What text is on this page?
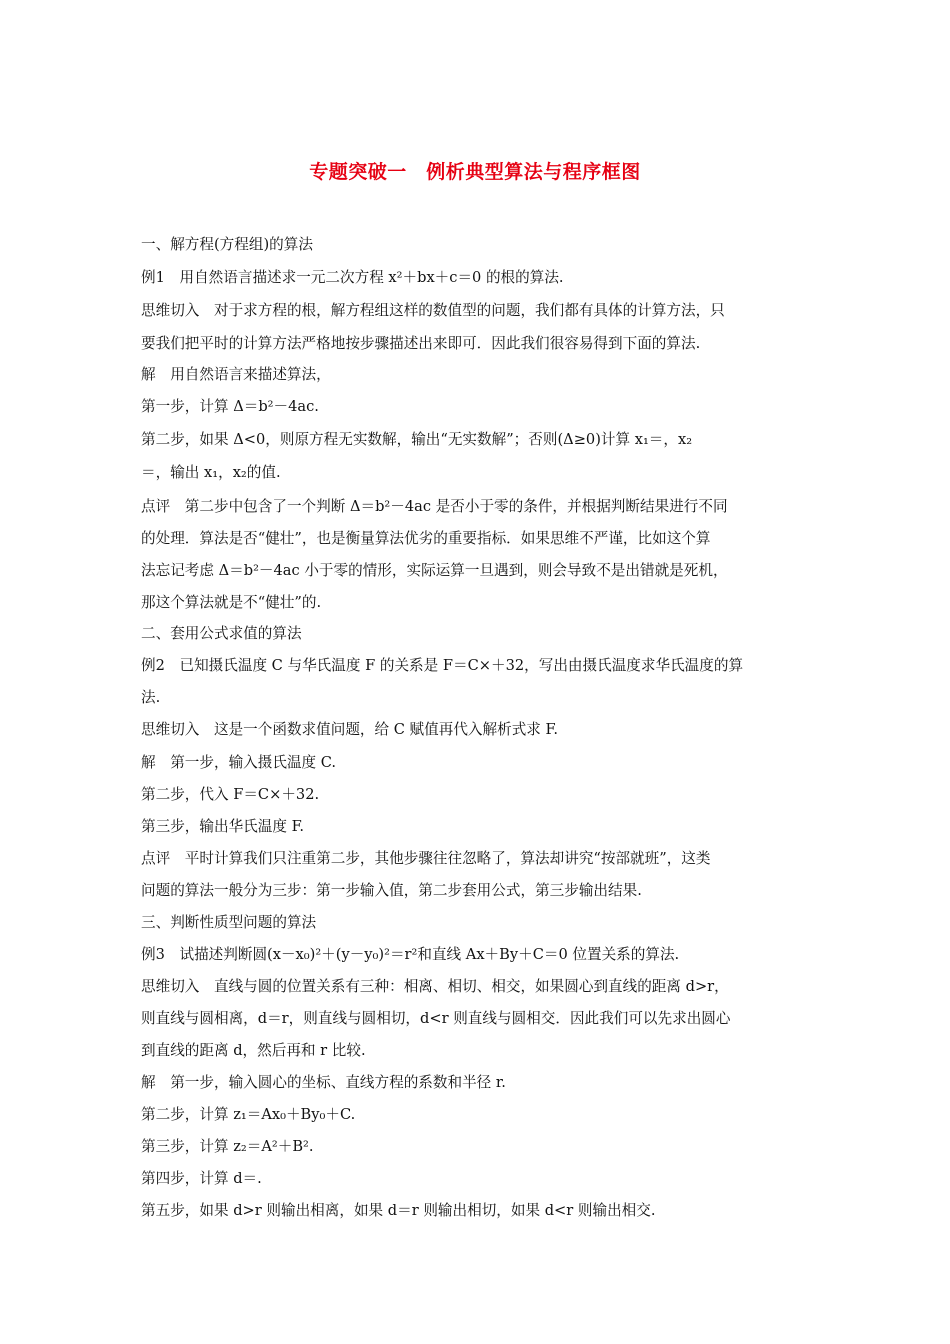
专题突破一　例析典型算法与程序框图
一、解方程(方程组)的算法
例1　用自然语言描述求一元二次方程 x²＋bx＋c＝0 的根的算法.
思维切入　对于求方程的根，解方程组这样的数值型的问题，我们都有具体的计算方法，只
要我们把平时的计算方法严格地按步骤描述出来即可．因此我们很容易得到下面的算法.
解　用自然语言来描述算法，
第一步，计算 Δ＝b²－4ac.
第二步，如果 Δ<0，则原方程无实数解，输出“无实数解”；否则(Δ≥0)计算 x₁＝，x₂
＝，输出 x₁，x₂的值.
点评　第二步中包含了一个判断 Δ＝b²－4ac 是否小于零的条件，并根据判断结果进行不同
的处理．算法是否“健壮”，也是衡量算法优劣的重要指标．如果思维不严谨，比如这个算
法忘记考虑 Δ＝b²－4ac 小于零的情形，实际运算一旦遇到，则会导致不是出错就是死机，
那这个算法就是不“健壮”的.
二、套用公式求值的算法
例2　已知摄氏温度 C 与华氏温度 F 的关系是 F＝C×＋32，写出由摄氏温度求华氏温度的算
法.
思维切入　这是一个函数求值问题，给 C 赋值再代入解析式求 F.
解　第一步，输入摄氏温度 C.
第二步，代入 F＝C×＋32.
第三步，输出华氏温度 F.
点评　平时计算我们只注重第二步，其他步骤往往忽略了，算法却讲究“按部就班”，这类
问题的算法一般分为三步：第一步输入值，第二步套用公式，第三步输出结果.
三、判断性质型问题的算法
例3　试描述判断圆(x－x₀)²＋(y－y₀)²＝r²和直线 Ax＋By＋C＝0 位置关系的算法.
思维切入　直线与圆的位置关系有三种：相离、相切、相交，如果圆心到直线的距离 d>r，
则直线与圆相离，d＝r，则直线与圆相切，d<r 则直线与圆相交．因此我们可以先求出圆心
到直线的距离 d，然后再和 r 比较.
解　第一步，输入圆心的坐标、直线方程的系数和半径 r.
第二步，计算 z₁＝Ax₀＋By₀＋C.
第三步，计算 z₂＝A²＋B².
第四步，计算 d＝.
第五步，如果 d>r 则输出相离，如果 d＝r 则输出相切，如果 d<r 则输出相交.
